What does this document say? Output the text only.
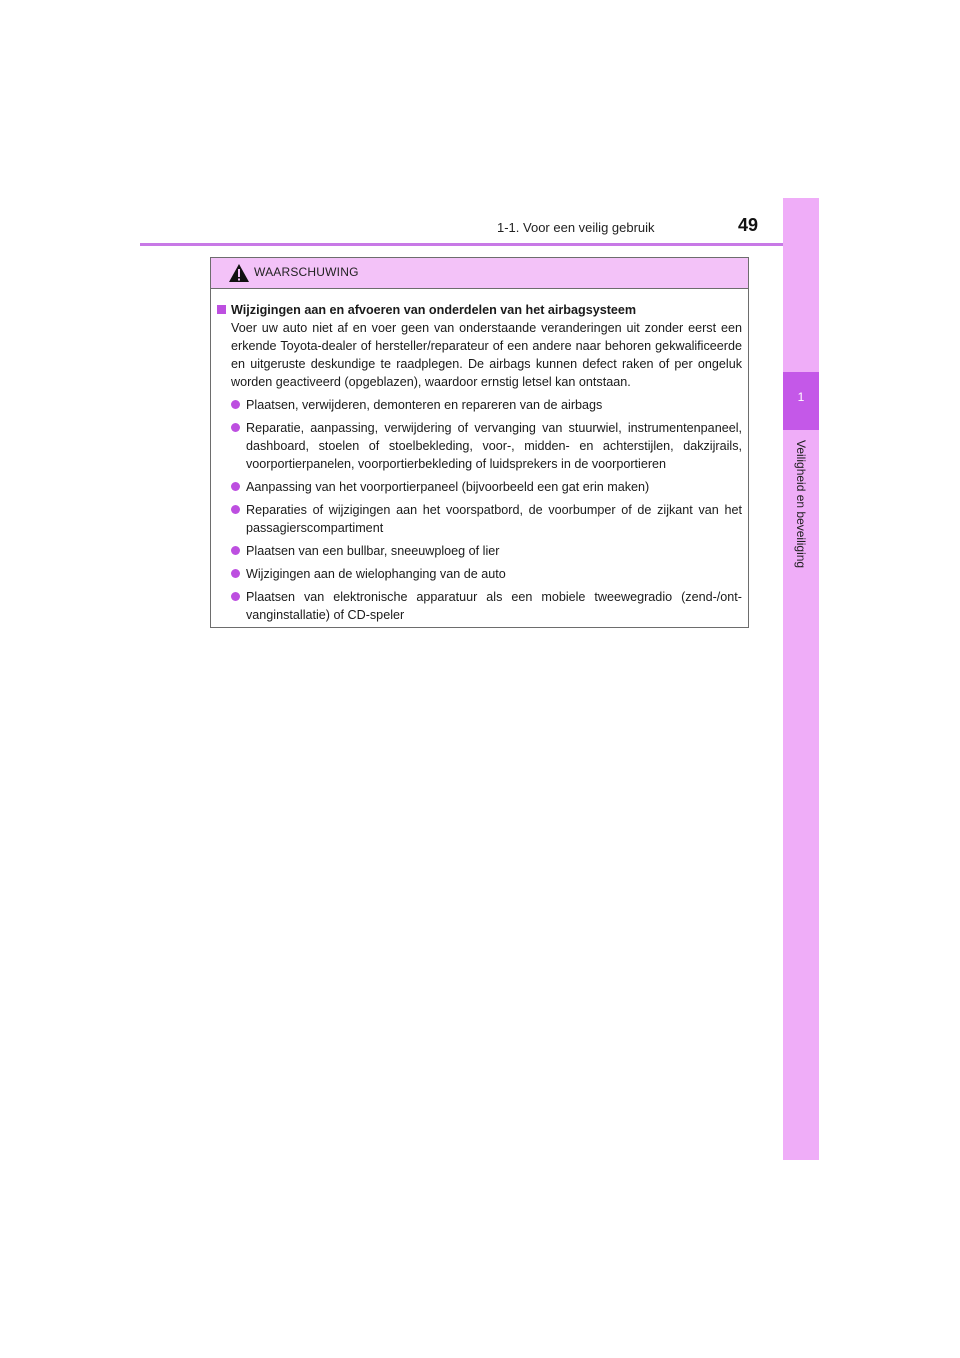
1-1. Voor een veilig gebruik	49
1
Veiligheid en beveiliging
WAARSCHUWING
Wijzigingen aan en afvoeren van onderdelen van het airbagsysteem

Voer uw auto niet af en voer geen van onderstaande veranderingen uit zonder eerst een erkende Toyota-dealer of hersteller/reparateur of een andere naar behoren gekwalificeerde en uitgeruste deskundige te raadplegen. De airbags kunnen defect raken of per ongeluk worden geactiveerd (opgeblazen), waardoor ernstig letsel kan ontstaan.

Plaatsen, verwijderen, demonteren en repareren van de airbags
Reparatie, aanpassing, verwijdering of vervanging van stuurwiel, instrumentenpaneel, dashboard, stoelen of stoelbekleding, voor-, midden- en achterstijlen, dakzijrails, voorportierpanelen, voorportierbekleding of luidsprekers in de voorportieren
Aanpassing van het voorportierpaneel (bijvoorbeeld een gat erin maken)
Reparaties of wijzigingen aan het voorspatbord, de voorbumper of de zijkant van het passagierscompartiment
Plaatsen van een bullbar, sneeuwploeg of lier
Wijzigingen aan de wielophanging van de auto
Plaatsen van elektronische apparatuur als een mobiele tweewegradio (zend-/ontvanginstallatie) of CD-speler
